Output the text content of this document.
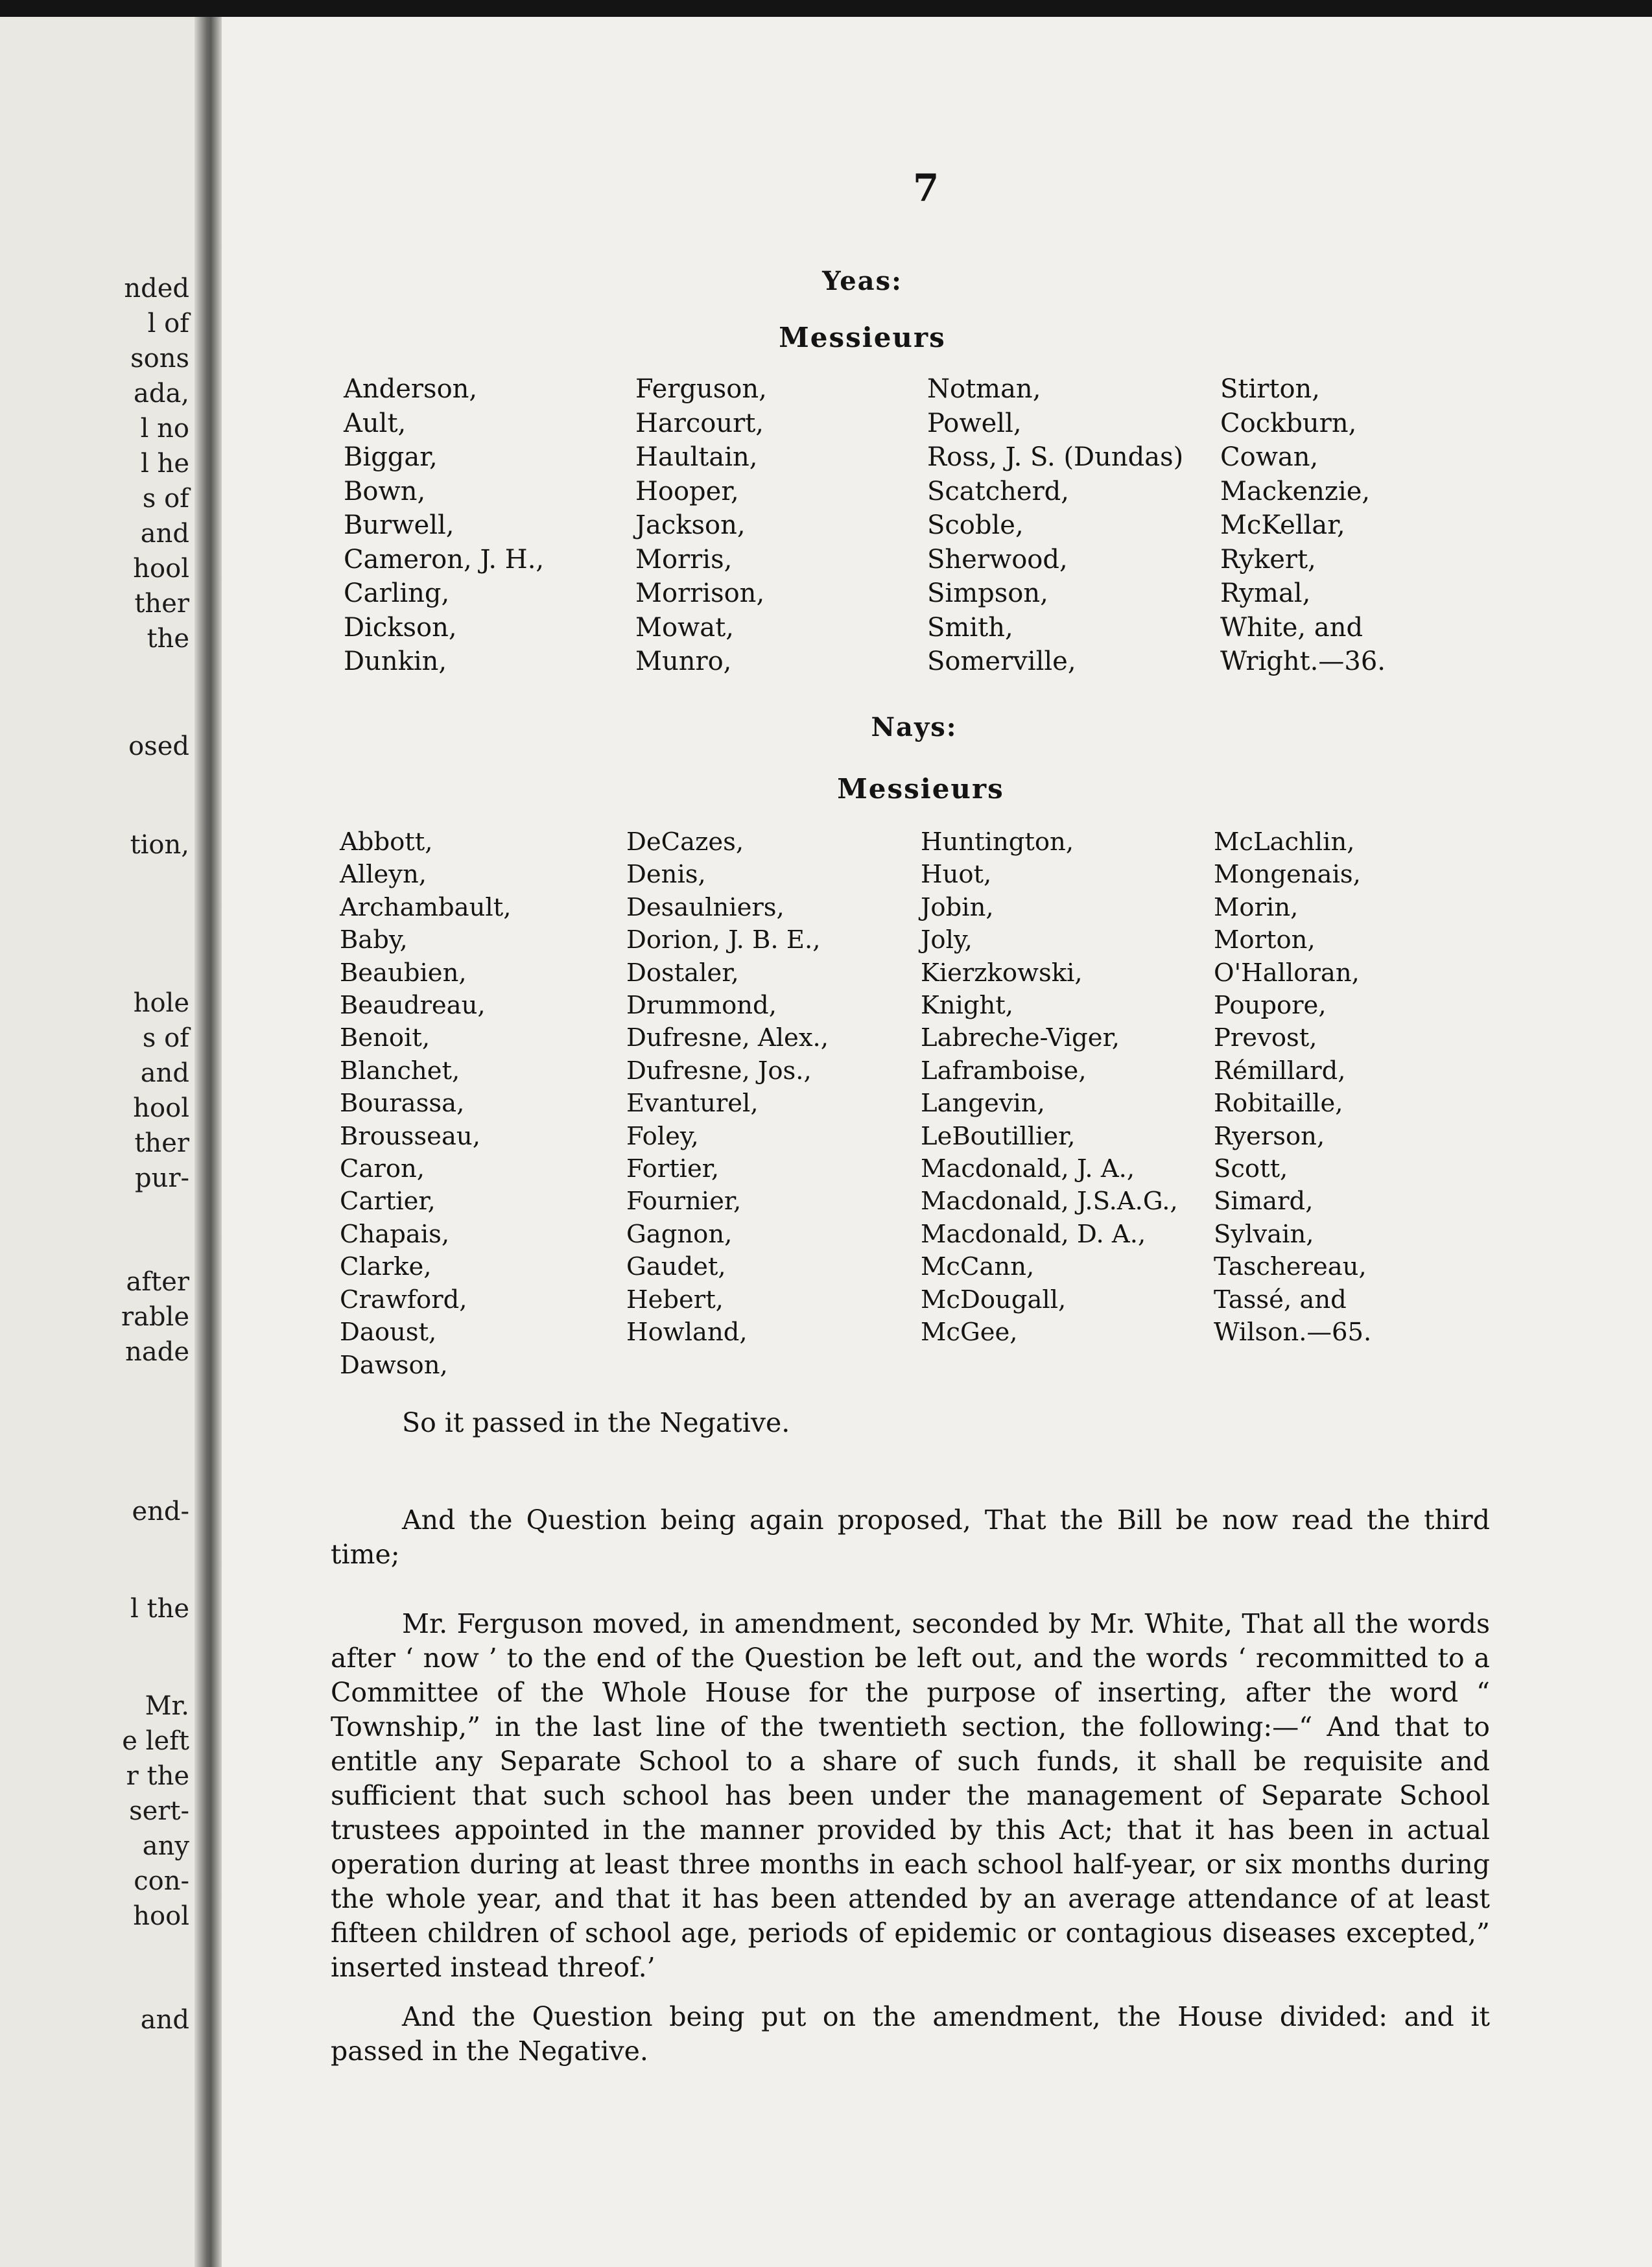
nded
l of
sons
ada,
l no
l he
s of
and
hool
ther
the
osed
tion,
hole
s of
and
hool
ther
pur-
after
rable
nade
end-
l the
Mr.
e left
r the
sert-
any
con-
hool
and
7
Yeas:
Messieurs
Anderson,
Ault,
Biggar,
Bown,
Burwell,
Cameron, J. H.,
Carling,
Dickson,
Dunkin,
Ferguson,
Harcourt,
Haultain,
Hooper,
Jackson,
Morris,
Morrison,
Mowat,
Munro,
Notman,
Powell,
Ross, J. S. (Dundas)
Scatcherd,
Scoble,
Sherwood,
Simpson,
Smith,
Somerville,
Stirton,
Cockburn,
Cowan,
Mackenzie,
McKellar,
Rykert,
Rymal,
White, and
Wright.—36.
Nays:
Messieurs
Abbott,
Alleyn,
Archambault,
Baby,
Beaubien,
Beaudreau,
Benoit,
Blanchet,
Bourassa,
Brousseau,
Caron,
Cartier,
Chapais,
Clarke,
Crawford,
Daoust,
Dawson,
DeCazes,
Denis,
Desaulniers,
Dorion, J. B. E.,
Dostaler,
Drummond,
Dufresne, Alex.,
Dufresne, Jos.,
Evanturel,
Foley,
Fortier,
Fournier,
Gagnon,
Gaudet,
Hebert,
Howland,
Huntington,
Huot,
Jobin,
Joly,
Kierzkowski,
Knight,
Labreche-Viger,
Laframboise,
Langevin,
LeBoutillier,
Macdonald, J. A.,
Macdonald, J.S.A.G.,
Macdonald, D. A.,
McCann,
McDougall,
McGee,
McLachlin,
Mongenais,
Morin,
Morton,
O'Halloran,
Poupore,
Prevost,
Rémillard,
Robitaille,
Ryerson,
Scott,
Simard,
Sylvain,
Taschereau,
Tassé, and
Wilson.—65.

So it passed in the Negative.

And the Question being again proposed, That the Bill be now read the third time;

Mr. Ferguson moved, in amendment, seconded by Mr. White, That all the words after ‘ now ’ to the end of the Question be left out, and the words ‘ recommitted to a Committee of the Whole House for the purpose of inserting, after the word “ Township,” in the last line of the twentieth section, the following:—“ And that to entitle any Separate School to a share of such funds, it shall be requisite and sufficient that such school has been under the management of Separate School trustees appointed in the manner provided by this Act; that it has been in actual operation during at least three months in each school half-year, or six months during the whole year, and that it has been attended by an average attendance of at least fifteen children of school age, periods of epidemic or contagious diseases excepted,” inserted instead threof.’

And the Question being put on the amendment, the House divided: and it passed in the Negative.
